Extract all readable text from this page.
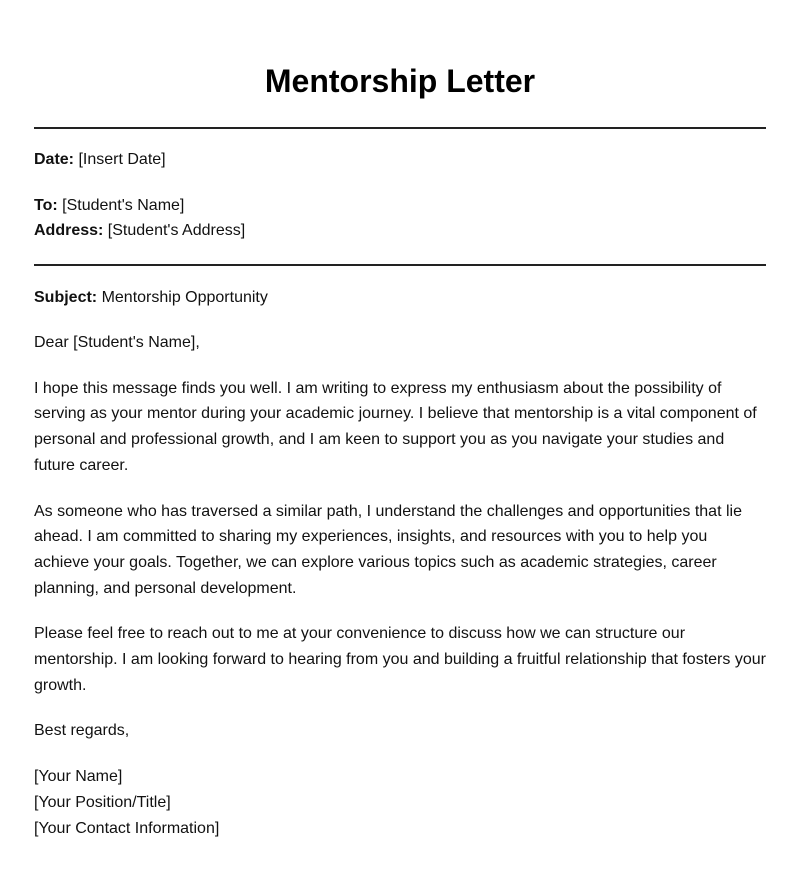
Mentorship Letter

Date: [Insert Date]

To: [Student's Name]

Address: [Student's Address]

Subject: Mentorship Opportunity

Dear [Student's Name],

I hope this message finds you well. I am writing to express my enthusiasm about the possibility of serving as your mentor during your academic journey. I believe that mentorship is a vital component of personal and professional growth, and I am keen to support you as you navigate your studies and future career.

As someone who has traversed a similar path, I understand the challenges and opportunities that lie ahead. I am committed to sharing my experiences, insights, and resources with you to help you achieve your goals. Together, we can explore various topics such as academic strategies, career planning, and personal development.

Please feel free to reach out to me at your convenience to discuss how we can structure our mentorship. I am looking forward to hearing from you and building a fruitful relationship that fosters your growth.

Best regards,

[Your Name]
[Your Position/Title]
[Your Contact Information]
